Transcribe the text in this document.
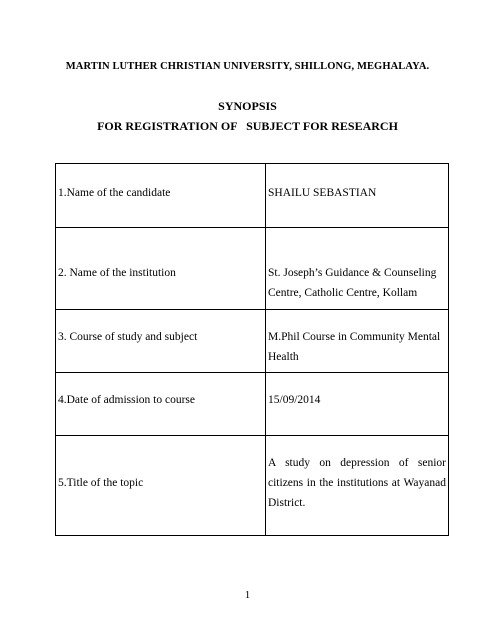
MARTIN LUTHER CHRISTIAN UNIVERSITY, SHILLONG, MEGHALAYA.
SYNOPSIS
FOR REGISTRATION OF   SUBJECT FOR RESEARCH
1.Name of the candidate	SHAILU SEBASTIAN
2. Name of the institution	St. Joseph’s Guidance & Counseling Centre, Catholic Centre, Kollam
3. Course of study and subject	M.Phil Course in Community Mental Health
4.Date of admission to course	15/09/2014
5.Title of the topic	A study on depression of senior citizens in the institutions at Wayanad District.
1
